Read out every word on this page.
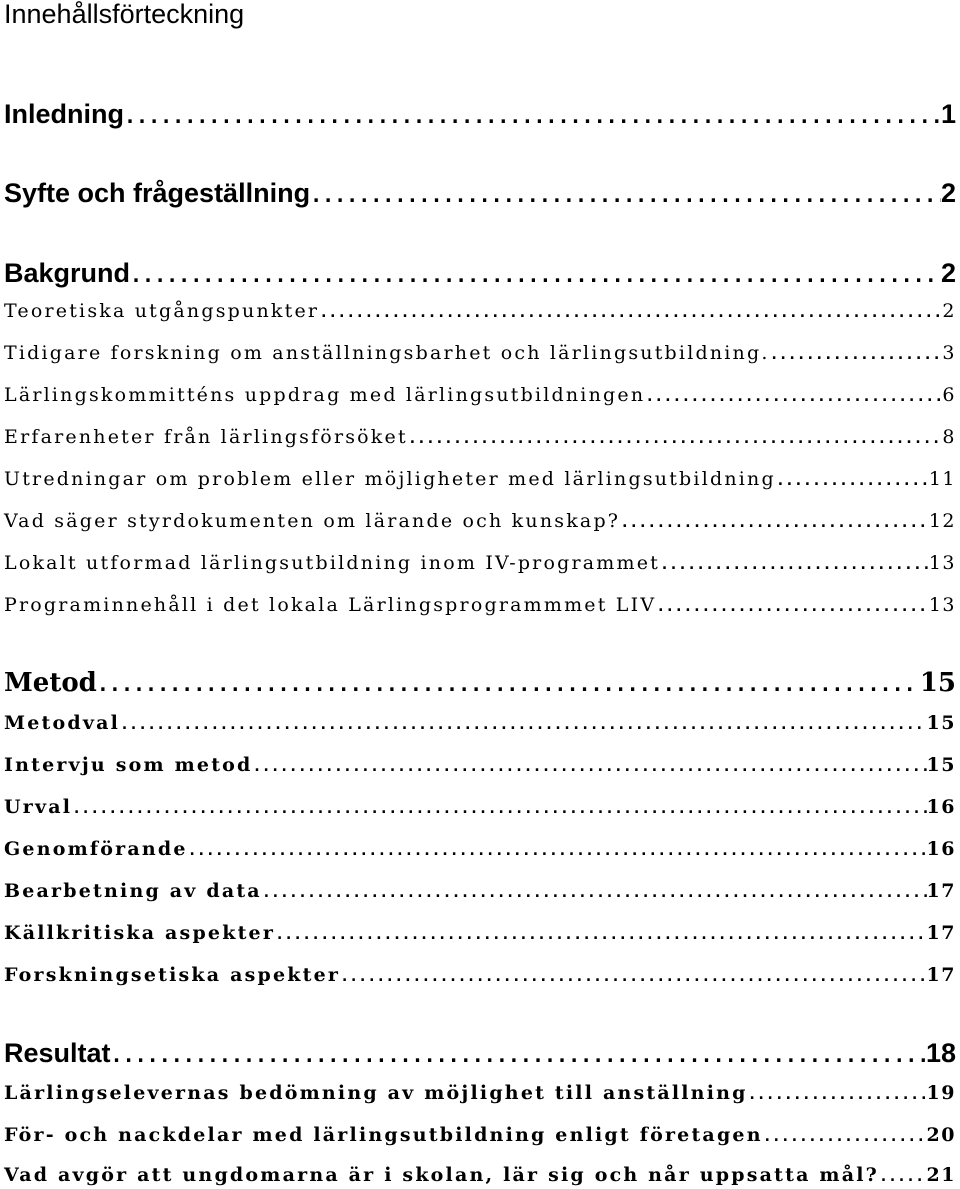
Innehållsförteckning
Inledning .....	1
Syfte och frågeställning .....	2
Bakgrund .....	2
Teoretiska utgångspunkter .....	2
Tidigare forskning om anställningsbarhet och lärlingsutbildning. .....	3
Lärlingskommitténs uppdrag med lärlingsutbildningen .....	6
Erfarenheter från lärlingsförsöket .....	8
Utredningar om problem eller möjligheter med lärlingsutbildning .....	11
Vad säger styrdokumenten om lärande och kunskap? .....	12
Lokalt utformad lärlingsutbildning inom IV-programmet .....	13
Programinnehåll i det lokala Lärlingsprogrammmet LIV .....	13
Metod .....	15
Metodval .....	15
Intervju som metod .....	15
Urval .....	16
Genomförande .....	16
Bearbetning av data .....	17
Källkritiska aspekter .....	17
Forskningsetiska aspekter .....	17
Resultat .....	18
Lärlingselevernas bedömning av möjlighet till anställning .....	19
För- och nackdelar med lärlingsutbildning enligt företagen .....	20
Vad avgör att ungdomarna är i skolan, lär sig och når uppsatta mål? .....	21
